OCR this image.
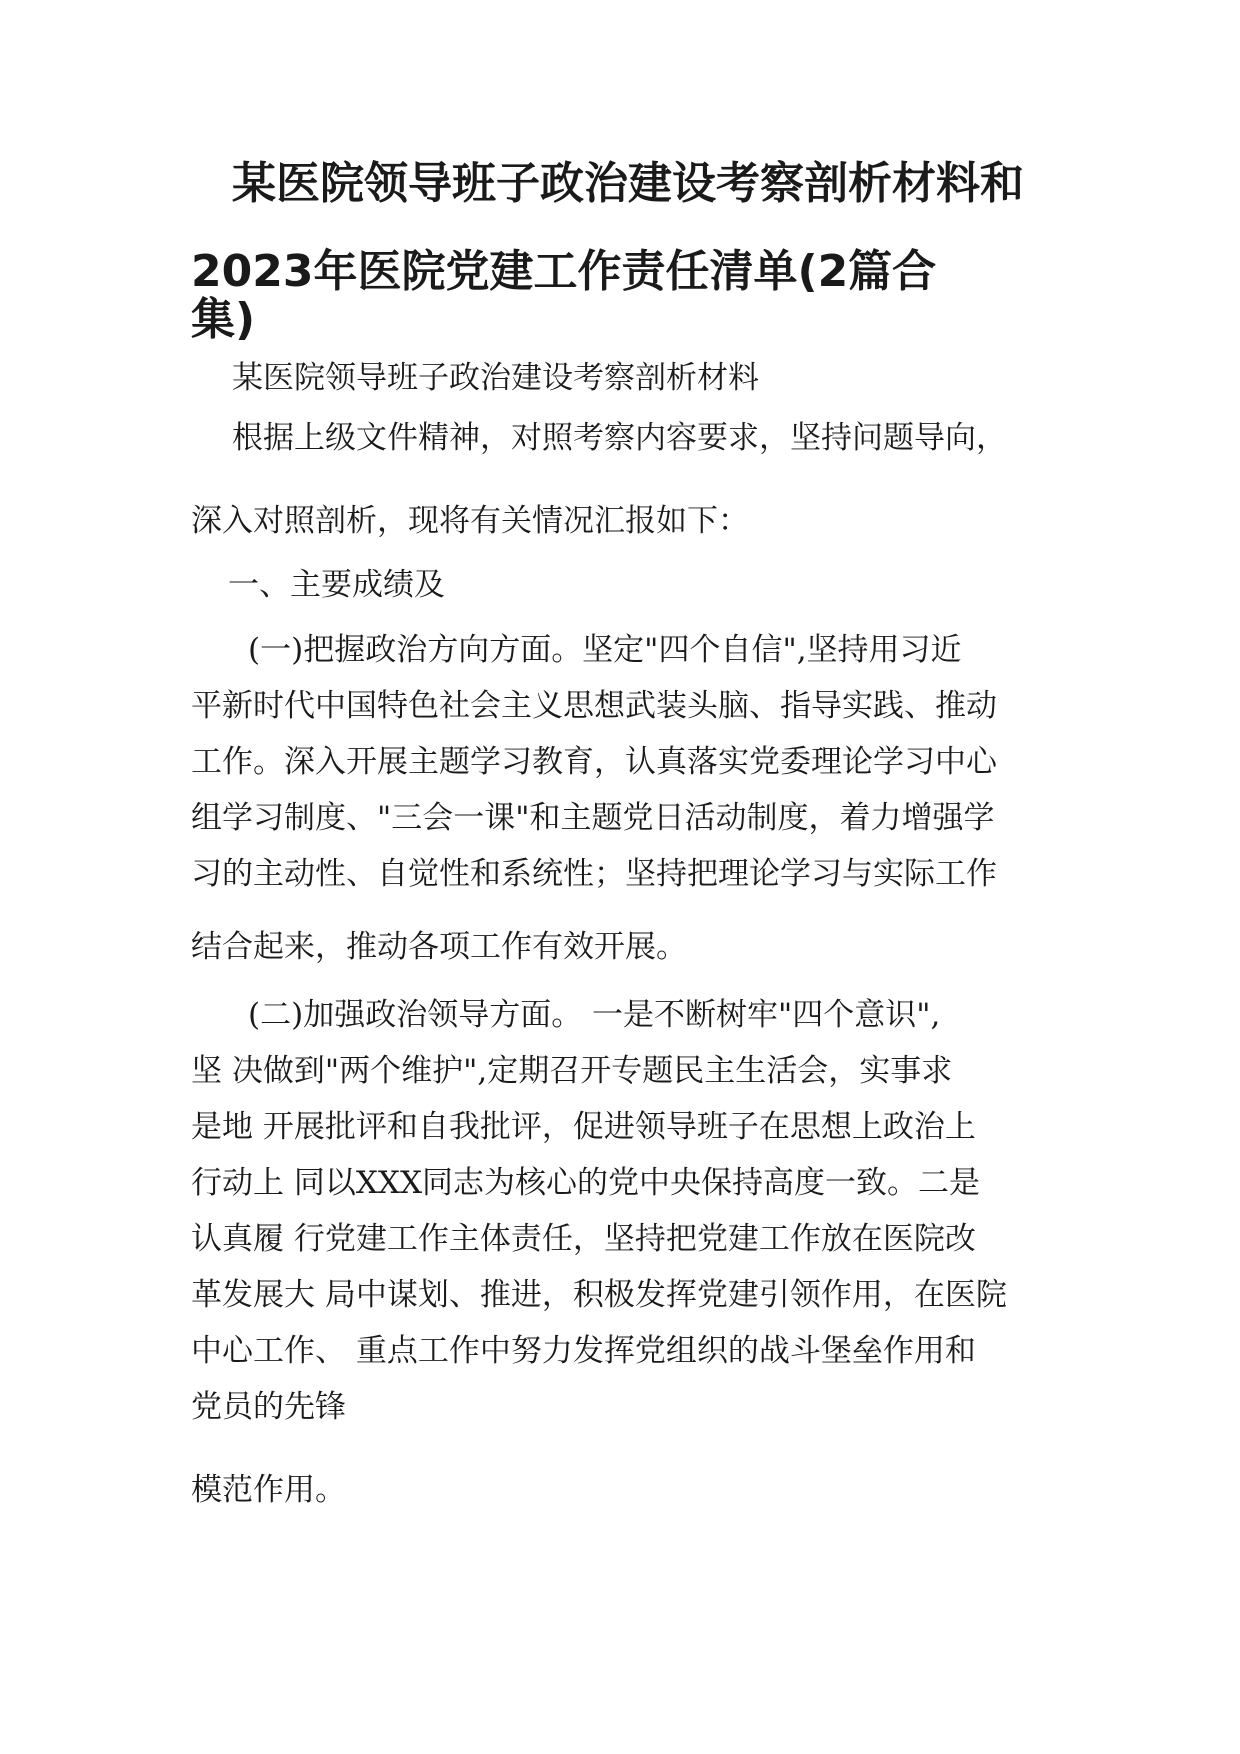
某医院领导班子政治建设考察剖析材料和
2023年医院党建工作责任清单(2篇合
集)

某医院领导班子政治建设考察剖析材料

根据上级文件精神，对照考察内容要求，坚持问题导向，

深入对照剖析，现将有关情况汇报如下：

一、主要成绩及

(一)把握政治方向方面。坚定"四个自信",坚持用习近

平新时代中国特色社会主义思想武装头脑、指导实践、推动

工作。深入开展主题学习教育，认真落实党委理论学习中心

组学习制度、"三会一课"和主题党日活动制度，着力增强学

习的主动性、自觉性和系统性；坚持把理论学习与实际工作

结合起来，推动各项工作有效开展。

(二)加强政治领导方面。 一是不断树牢"四个意识",

坚 决做到"两个维护",定期召开专题民主生活会，实事求

是地 开展批评和自我批评，促进领导班子在思想上政治上

行动上 同以XXX同志为核心的党中央保持高度一致。二是

认真履 行党建工作主体责任，坚持把党建工作放在医院改

革发展大 局中谋划、推进，积极发挥党建引领作用，在医院

中心工作、 重点工作中努力发挥党组织的战斗堡垒作用和

党员的先锋

模范作用。
